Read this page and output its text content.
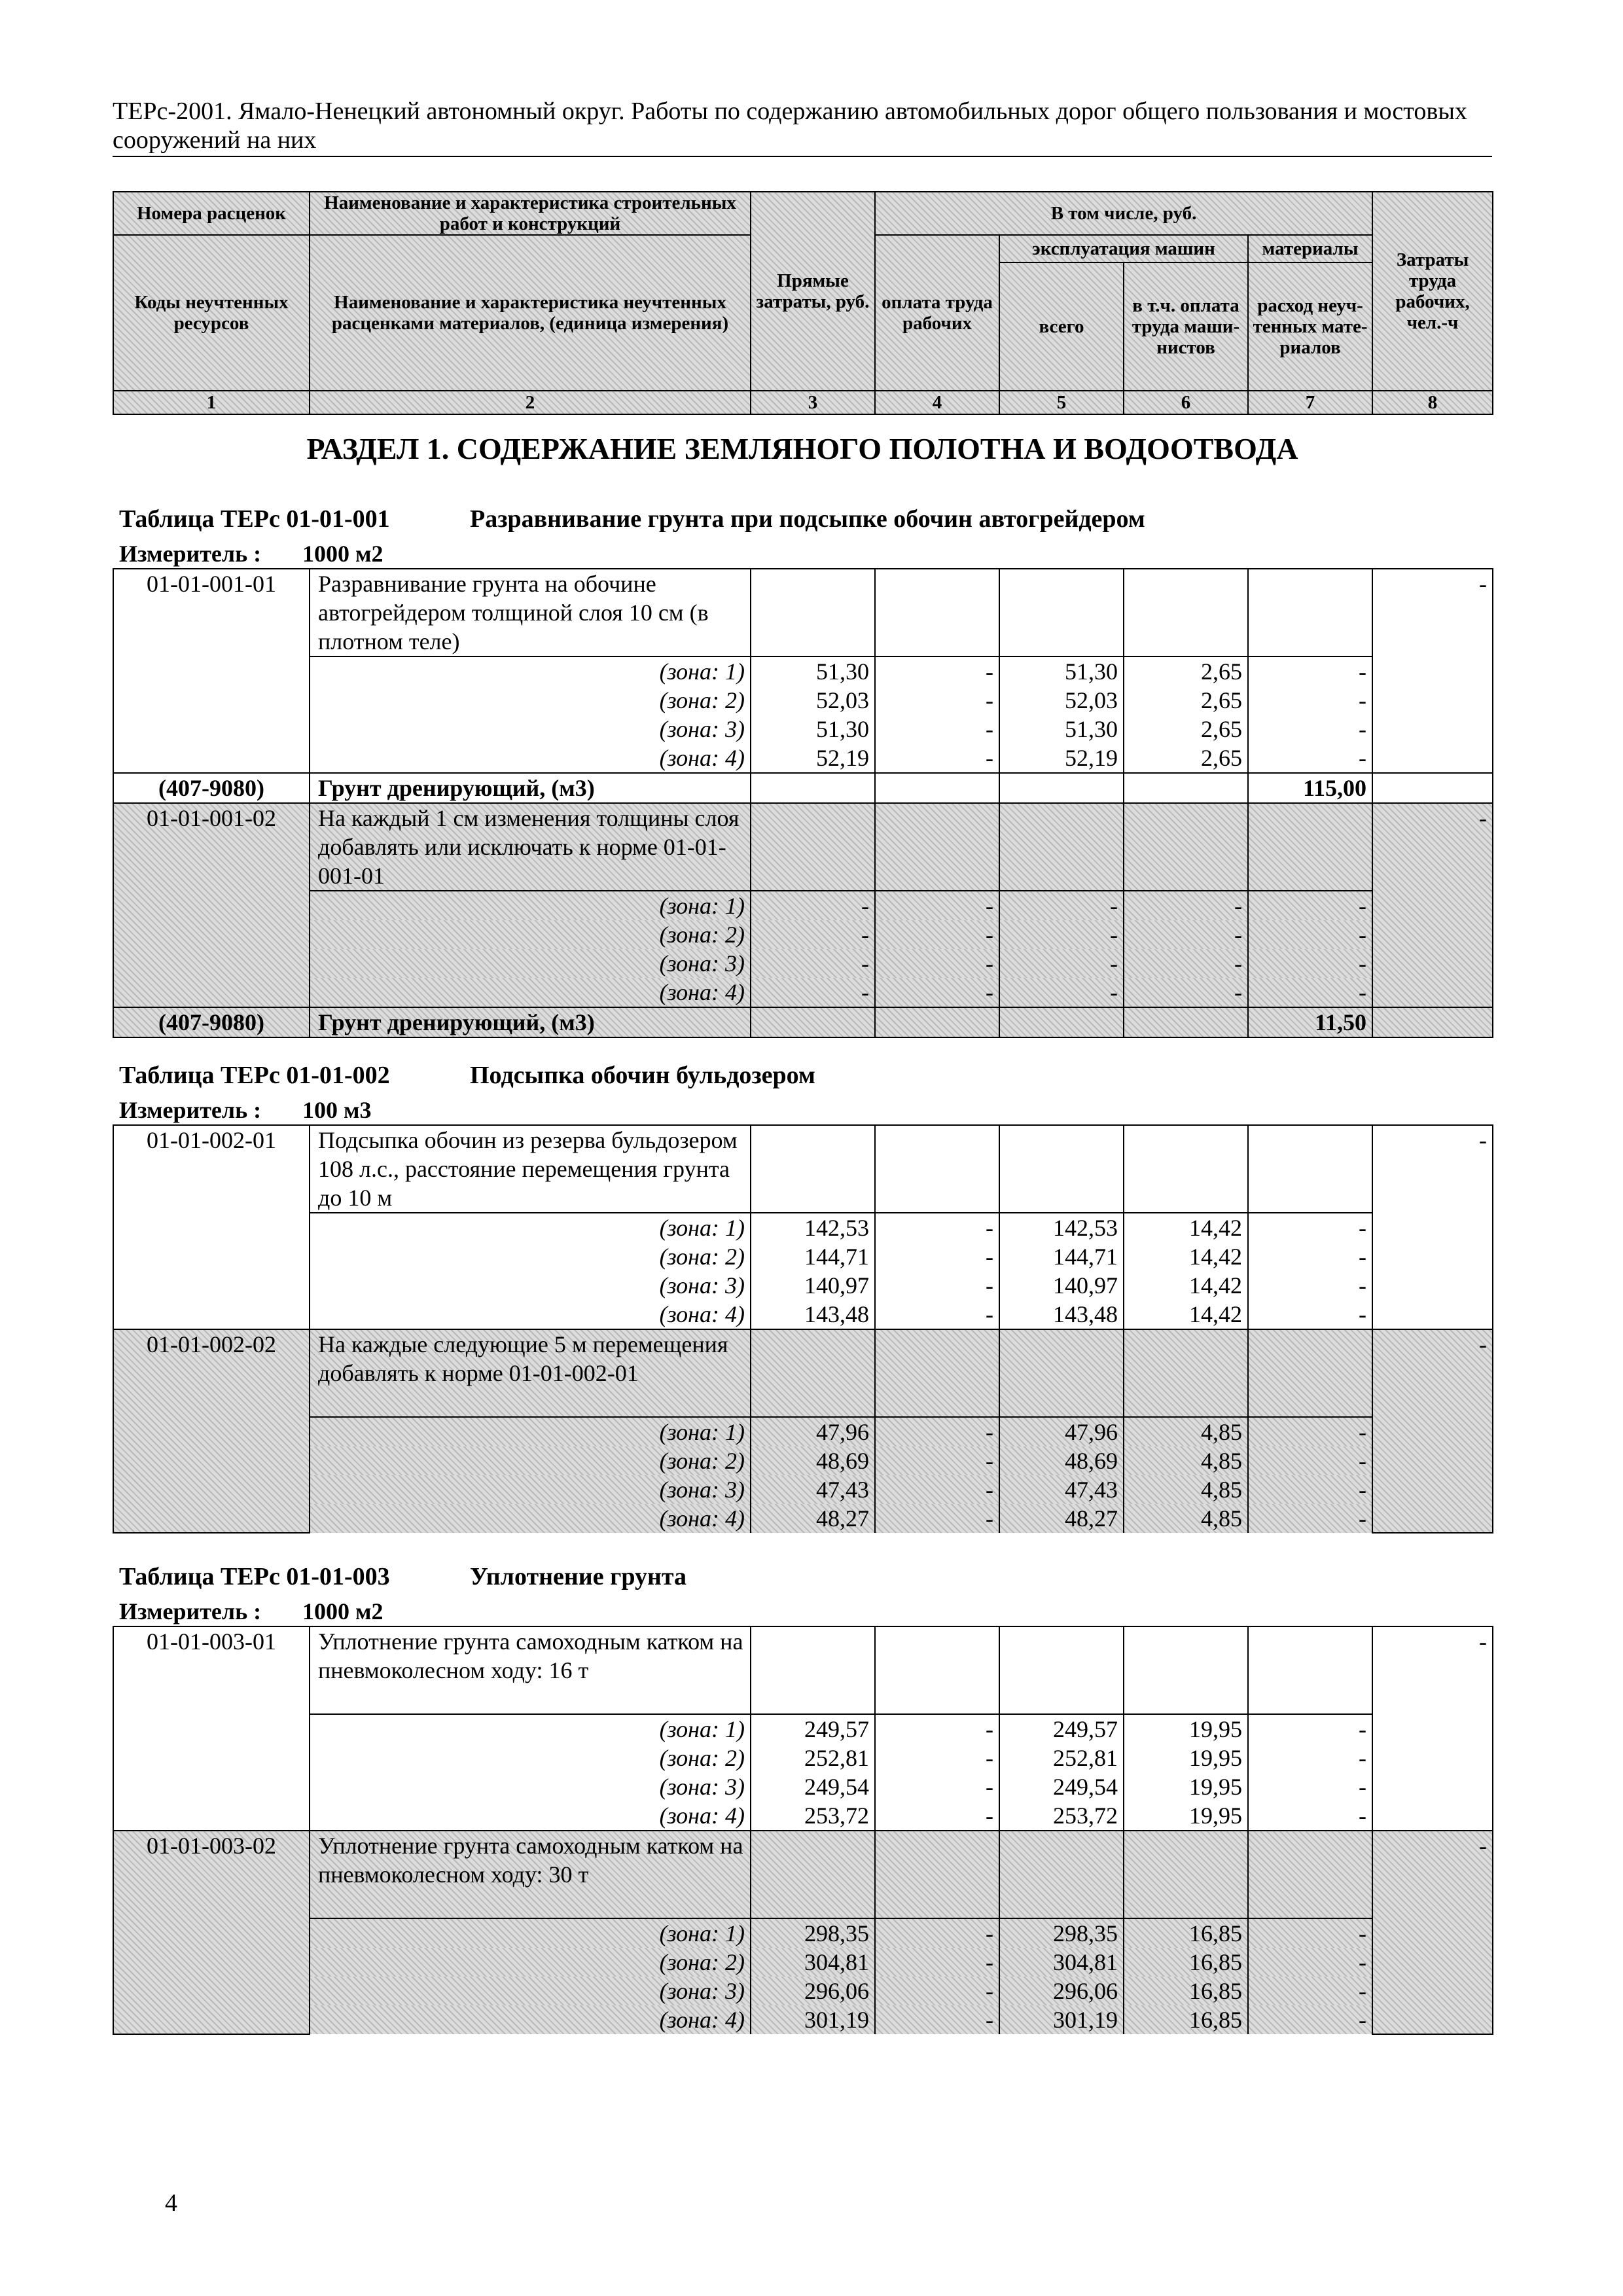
ТЕРс-2001. Ямало-Ненецкий автономный округ. Работы по содержанию автомобильных дорог общего пользования и мостовых сооружений на них
Номера расценок	Наименование и характеристика строительных работ и конструкций	Прямые затраты, руб.	В том числе, руб.				Затраты труда рабочих, чел.-ч
Коды неучтенных ресурсов	Наименование и характеристика неучтенных расценками материалов, (единица измерения)		оплата труда рабочих	эксплуатация машин		материалы	
				всего	в т.ч. оплата труда маши-нистов	расход неуч-тенных мате-риалов	
1	2	3	4	5	6	7	8
РАЗДЕЛ 1. СОДЕРЖАНИЕ ЗЕМЛЯНОГО ПОЛОТНА И ВОДООТВОДА
Таблица ТЕРс 01-01-001	Разравнивание грунта при подсыпке обочин автогрейдером
Измеритель : 1000 м2
01-01-001-01	Разравнивание грунта на обочине автогрейдером толщиной слоя 10 см (в плотном теле)						-

	(зона: 1)	51,30	-	51,30	2,65	-	
	(зона: 2)	52,03	-	52,03	2,65	-	
	(зона: 3)	51,30	-	51,30	2,65	-	
	(зона: 4)	52,19	-	52,19	2,65	-	
(407-9080)	Грунт дренирующий, (м3)					115,00	
01-01-001-02	На каждый 1 см изменения толщины слоя добавлять или исключать к норме 01-01-001-01						-

	(зона: 1)	-	-	-	-	-	
	(зона: 2)	-	-	-	-	-	
	(зона: 3)	-	-	-	-	-	
	(зона: 4)	-	-	-	-	-	
(407-9080)	Грунт дренирующий, (м3)					11,50	
Таблица ТЕРс 01-01-002	Подсыпка обочин бульдозером
Измеритель : 100 м3
01-01-002-01	Подсыпка обочин из резерва бульдозером 108 л.с., расстояние перемещения грунта до 10 м						-

	(зона: 1)	142,53	-	142,53	14,42	-	
	(зона: 2)	144,71	-	144,71	14,42	-	
	(зона: 3)	140,97	-	140,97	14,42	-	
	(зона: 4)	143,48	-	143,48	14,42	-	
01-01-002-02	На каждые следующие 5 м перемещения добавлять к норме 01-01-002-01						-

	(зона: 1)	47,96	-	47,96	4,85	-	
	(зона: 2)	48,69	-	48,69	4,85	-	
	(зона: 3)	47,43	-	47,43	4,85	-	
	(зона: 4)	48,27	-	48,27	4,85	-	
Таблица ТЕРс 01-01-003	Уплотнение грунта
Измеритель : 1000 м2
01-01-003-01	Уплотнение грунта самоходным катком на пневмоколесном ходу: 16 т						-

	(зона: 1)	249,57	-	249,57	19,95	-	
	(зона: 2)	252,81	-	252,81	19,95	-	
	(зона: 3)	249,54	-	249,54	19,95	-	
	(зона: 4)	253,72	-	253,72	19,95	-	
01-01-003-02	Уплотнение грунта самоходным катком на пневмоколесном ходу: 30 т						-

	(зона: 1)	298,35	-	298,35	16,85	-	
	(зона: 2)	304,81	-	304,81	16,85	-	
	(зона: 3)	296,06	-	296,06	16,85	-	
	(зона: 4)	301,19	-	301,19	16,85	-	
4
